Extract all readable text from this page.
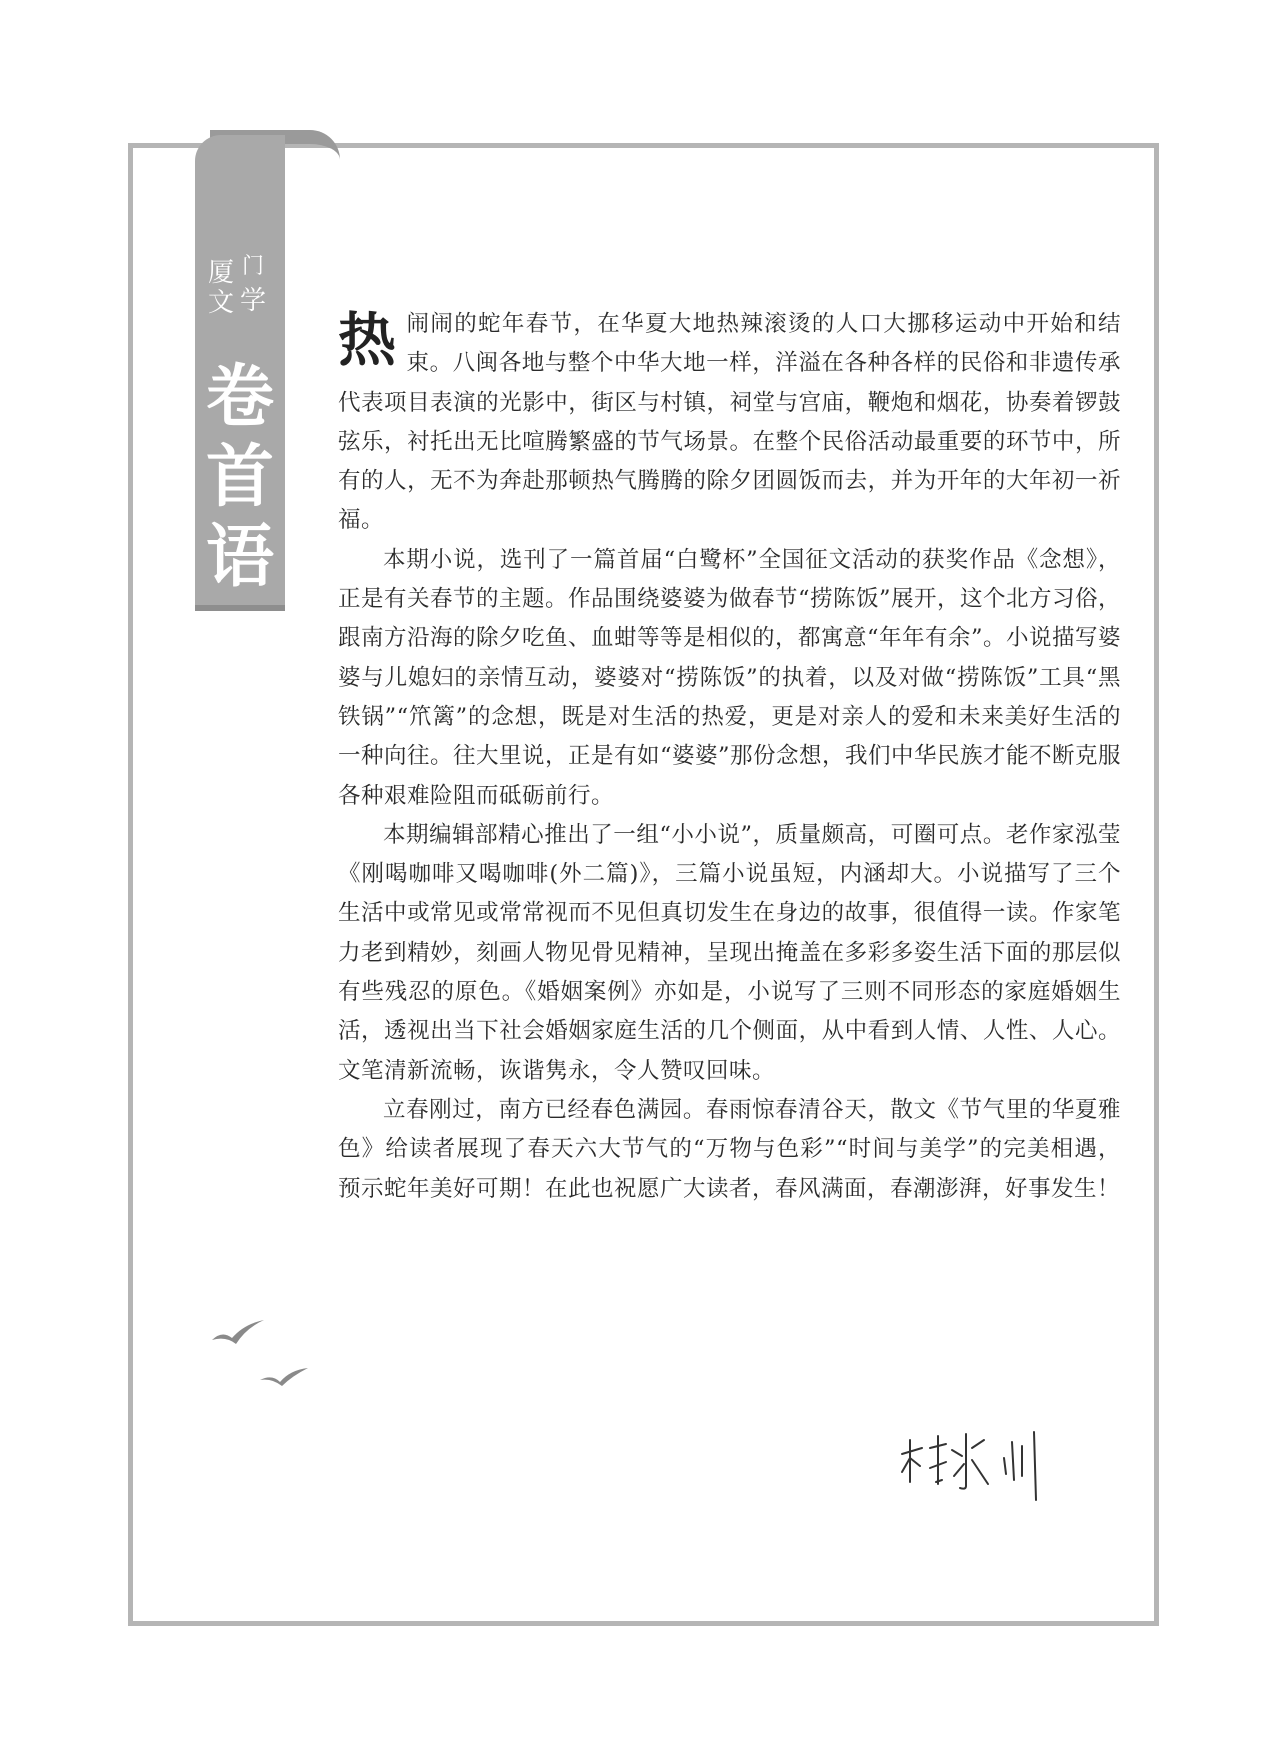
厦 门
文 学
卷
首
语

热闹闹的蛇年春节，在华夏大地热辣滚烫的人口大挪移运动中开始和结束。八闽各地与整个中华大地一样，洋溢在各种各样的民俗和非遗传承代表项目表演的光影中，街区与村镇，祠堂与宫庙，鞭炮和烟花，协奏着锣鼓弦乐，衬托出无比喧腾繁盛的节气场景。在整个民俗活动最重要的环节中，所有的人，无不为奔赴那顿热气腾腾的除夕团圆饭而去，并为开年的大年初一祈福。

本期小说，选刊了一篇首届“白鹭杯”全国征文活动的获奖作品《念想》，正是有关春节的主题。作品围绕婆婆为做春节“捞陈饭”展开，这个北方习俗，跟南方沿海的除夕吃鱼、血蚶等等是相似的，都寓意“年年有余”。小说描写婆婆与儿媳妇的亲情互动，婆婆对“捞陈饭”的执着，以及对做“捞陈饭”工具“黑铁锅”“笊篱”的念想，既是对生活的热爱，更是对亲人的爱和未来美好生活的一种向往。往大里说，正是有如“婆婆”那份念想，我们中华民族才能不断克服各种艰难险阻而砥砺前行。

本期编辑部精心推出了一组“小小说”，质量颇高，可圈可点。老作家泓莹《刚喝咖啡又喝咖啡(外二篇)》，三篇小说虽短，内涵却大。小说描写了三个生活中或常见或常常视而不见但真切发生在身边的故事，很值得一读。作家笔力老到精妙，刻画人物见骨见精神，呈现出掩盖在多彩多姿生活下面的那层似有些残忍的原色。《婚姻案例》亦如是，小说写了三则不同形态的家庭婚姻生活，透视出当下社会婚姻家庭生活的几个侧面，从中看到人情、人性、人心。文笔清新流畅，诙谐隽永，令人赞叹回味。

立春刚过，南方已经春色满园。春雨惊春清谷天，散文《节气里的华夏雅色》给读者展现了春天六大节气的“万物与色彩”“时间与美学”的完美相遇，预示蛇年美好可期！在此也祝愿广大读者，春风满面，春潮澎湃，好事发生！
